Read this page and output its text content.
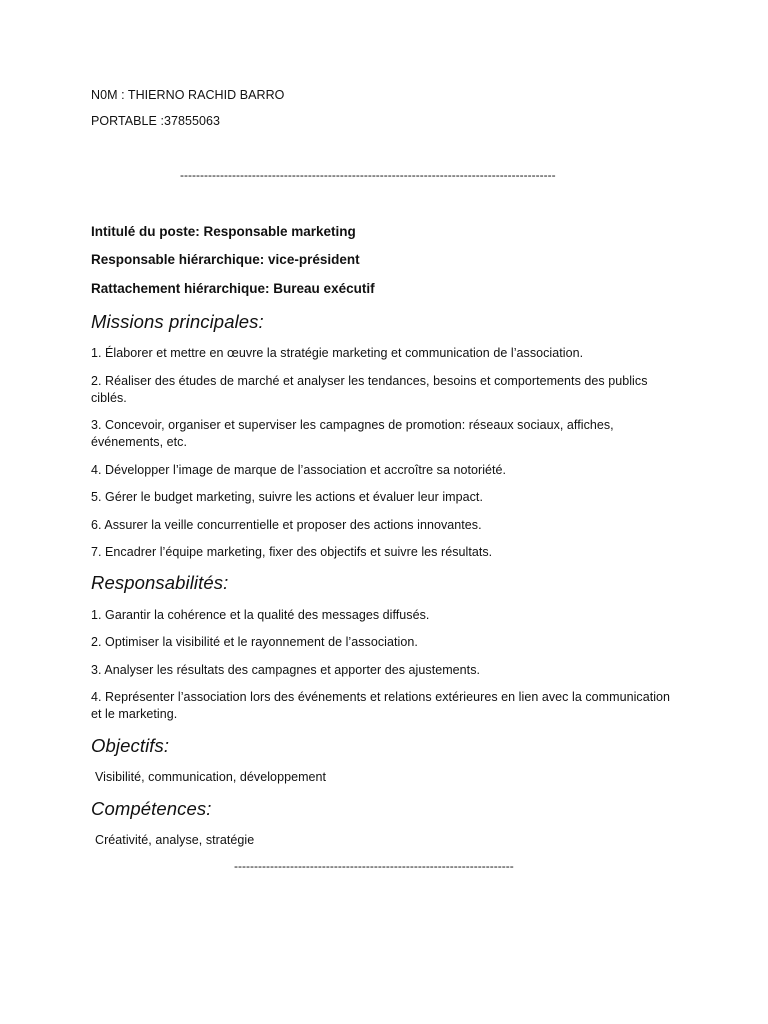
N0M : THIERNO RACHID BARRO

PORTABLE :37855063

----------------------------------------------------------------------------------------------

Intitulé du poste: Responsable marketing

Responsable hiérarchique: vice-président

Rattachement hiérarchique: Bureau exécutif

Missions principales:

1. Élaborer et mettre en œuvre la stratégie marketing et communication de l’association.

2. Réaliser des études de marché et analyser les tendances, besoins et comportements des publics ciblés.

3. Concevoir, organiser et superviser les campagnes de promotion: réseaux sociaux, affiches, événements, etc.

4. Développer l’image de marque de l’association et accroître sa notoriété.

5. Gérer le budget marketing, suivre les actions et évaluer leur impact.

6. Assurer la veille concurrentielle et proposer des actions innovantes.

7. Encadrer l’équipe marketing, fixer des objectifs et suivre les résultats.

Responsabilités:

1. Garantir la cohérence et la qualité des messages diffusés.

2. Optimiser la visibilité et le rayonnement de l’association.

3. Analyser les résultats des campagnes et apporter des ajustements.

4. Représenter l’association lors des événements et relations extérieures en lien avec la communication et le marketing.

Objectifs:

Visibilité, communication, développement

Compétences:

Créativité, analyse, stratégie

----------------------------------------------------------------------
